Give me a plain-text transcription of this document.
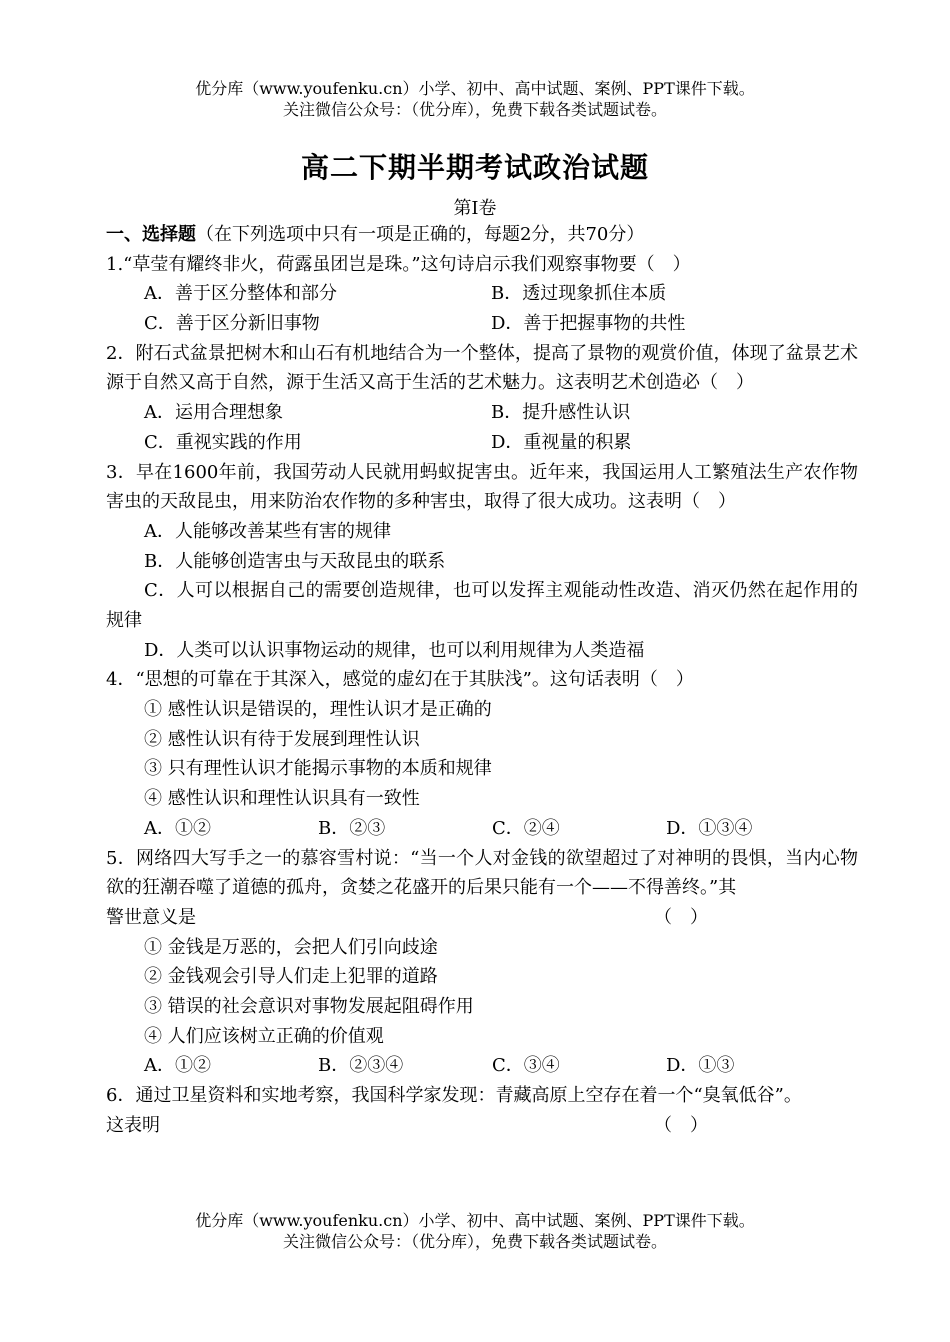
优分库（www.youfenku.cn）小学、初中、高中试题、案例、PPT课件下载。
关注微信公众号：（优分库），免费下载各类试题试卷。
高二下期半期考试政治试题
第I卷
一、选择题（在下列选项中只有一项是正确的，每题2分，共70分）
1.“草莹有耀终非火，荷露虽团岂是珠。”这句诗启示我们观察事物要（　）
A．善于区分整体和部分	B．透过现象抓住本质
C．善于区分新旧事物	D．善于把握事物的共性
2．附石式盆景把树木和山石有机地结合为一个整体，提高了景物的观赏价值，体现了盆景艺术源于自然又高于自然，源于生活又高于生活的艺术魅力。这表明艺术创造必（　）
A．运用合理想象	B．提升感性认识
C．重视实践的作用	D．重视量的积累
3．早在1600年前，我国劳动人民就用蚂蚁捉害虫。近年来，我国运用人工繁殖法生产农作物害虫的天敌昆虫，用来防治农作物的多种害虫，取得了很大成功。这表明（　）
A．人能够改善某些有害的规律
B．人能够创造害虫与天敌昆虫的联系
C．人可以根据自己的需要创造规律，也可以发挥主观能动性改造、消灭仍然在起作用的规律
D．人类可以认识事物运动的规律，也可以利用规律为人类造福
4．“思想的可靠在于其深入，感觉的虚幻在于其肤浅”。这句话表明（　）
① 感性认识是错误的，理性认识才是正确的
② 感性认识有待于发展到理性认识
③ 只有理性认识才能揭示事物的本质和规律
④ 感性认识和理性认识具有一致性
A．①②	B．②③	C．②④	D．①③④
5．网络四大写手之一的慕容雪村说：“当一个人对金钱的欲望超过了对神明的畏惧，当内心物欲的狂潮吞噬了道德的孤舟，贪婪之花盛开的后果只能有一个——不得善终。”其
警世意义是	（　）
① 金钱是万恶的，会把人们引向歧途
② 金钱观会引导人们走上犯罪的道路
③ 错误的社会意识对事物发展起阻碍作用
④ 人们应该树立正确的价值观
A．①②	B．②③④	C．③④	D．①③
6．通过卫星资料和实地考察，我国科学家发现：青藏高原上空存在着一个“臭氧低谷”。
这表明	（　）
优分库（www.youfenku.cn）小学、初中、高中试题、案例、PPT课件下载。
关注微信公众号：（优分库），免费下载各类试题试卷。
